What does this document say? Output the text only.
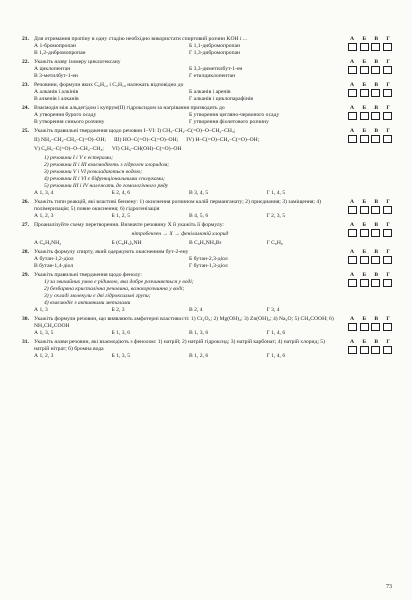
21. Для отримання пропіну в одну стадію необхідно використати спиртовий розчин KOH і ...
А 1-бромопропан	Б 1,1-дибромопропан
В 1,2-дибромопропан	Г 1,3-дибромопропан
А Б В Г
22. Укажіть назву ізомеру циклогексану
А циклопентан	Б 3,3-диметилбут-1-ен
В 3-метилбут-1-ен	Г етилциклопентан
А Б В Г
23. Речовини, формули яких C₆H₁₂ і C₅H₁₀ належать відповідно до
А алканів і алкінів	Б алканів і аренів
В алкенів і алканів	Г алканів і циклопарафінів
А Б В Г
24. Взаємодія між альдегідом і купрум(II) гідроксидом за нагрівання призводить до
А утворення бурого осаду	Б утворення цегляно-червоного осаду
В утворення синього розчину	Г утворення фіолетового розчину
А Б В Г
25. Укажіть правильні твердження щодо речовин I–VI: I) CH₃–CH₂–C(=O)–O–CH₂–CH₃;
II) NH₂–CH₂–CH₂–C(=O)–OH; III) HO–C(=O)–C(=O)–OH; IV) H–C(=O)–CH₂–C(=O)–OH;
V) C₆H₅–C(=O)–O–CH₂–CH₃; VI) CH₃–CH(OH)–C(=O)–OH
1) речовини I і V є естерами;
2) речовини II і III взаємодіють з гідроген хлоридом;
3) речовини V і VI розкладаються водою;
4) речовини II і VI є біфункціональними сполуками;
5) речовини III і IV належать до гомологічного ряду
А 1, 3, 4	Б 2, 4, 6	В 3, 4, 5	Г 1, 4, 5
А Б В Г
26. Укажіть типи реакцій, які властиві бензену: 1) окиснення розчином калій перманганату; 2) приєднання; 3) заміщення; 4) полімеризація; 5) повне окиснення; 6) гідрогенізація
А 1, 2, 3	Б 1, 2, 5	В 4, 5, 6	Г 2, 3, 5
А Б В Г
27. Проаналізуйте схему перетворення. Визначте речовину X й укажіть її формулу:
нітробензен → X → феніламоній хлорид
А C₆H₅NH₂	Б (C₆H₅)₂NH	В C₆H₅NH₃Br	Г C₆H₆
А Б В Г
28. Укажіть формулу спирту, який одержують окисненням бут-2-ену
А бутан-1,2-діол	Б бутан-2,3-діол
В бутан-1,4-діол	Г бутан-1,3-діол
А Б В Г
29. Укажіть правильні твердження щодо фенолу:
1) за звичайних умов є рідиною, яка добре розчиняється у воді;
2) безбарвна кристалічна речовина, важкорозчинна у воді;
3) у складі молекули є дві гідроксильні групи;
4) взаємодіє з активними металами
А 1, 3	Б 2, 3	В 2, 4	Г 3, 4
А Б В Г
30. Укажіть формули речовин, що виявляють амфотерні властивості: 1) Cr₂O₃; 2) Mg(OH)₂; 3) Zn(OH)₂; 4) Na₂O; 5) CH₃COOH; 6) NH₂CH₂COOH
А 1, 3, 5	Б 1, 3, 6	В 1, 3, 6	Г 1, 4, 6
А Б В Г
31. Укажіть назви речовин, які взаємодіють з фенолом: 1) натрій; 2) натрій гідроксид; 3) натрій карбонат; 4) натрій хлорид; 5) натрій нітрат; 6) бромна вода
А 1, 2, 3	Б 1, 3, 5	В 1, 2, 6	Г 1, 4, 6
А Б В Г
73
